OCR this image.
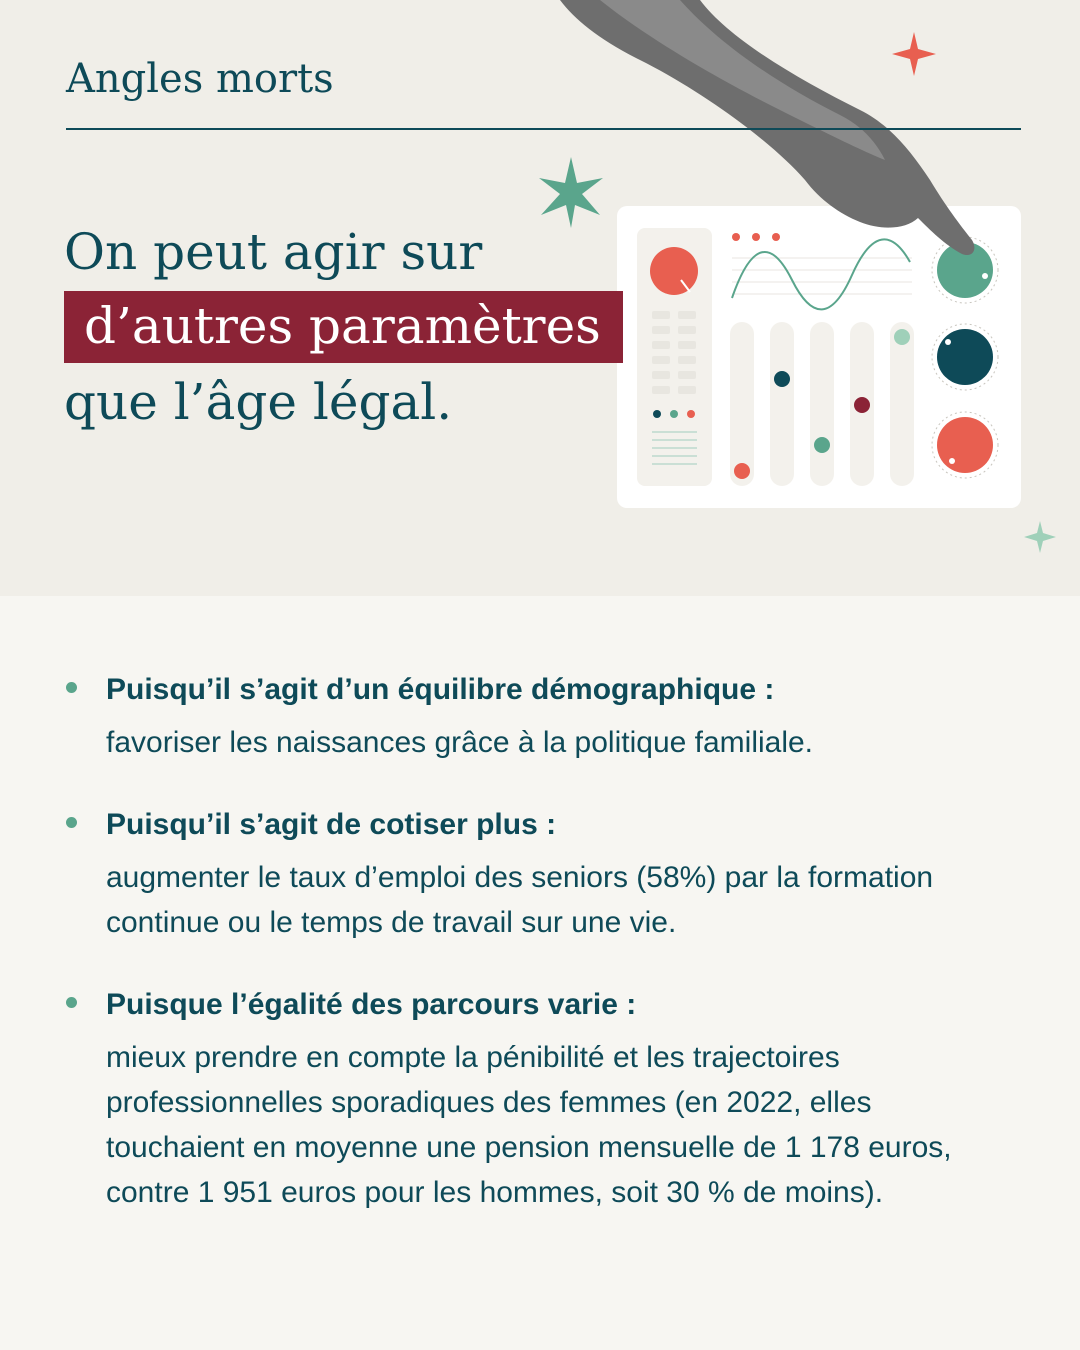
Angles morts
On peut agir sur
d’autres paramètres
que l’âge légal.

Puisqu’il s’agit d’un équilibre démographique :

favoriser les naissances grâce à la politique familiale.

Puisqu’il s’agit de cotiser plus :

augmenter le taux d’emploi des seniors (58%) par la formation continue ou le temps de travail sur une vie.

Puisque l’égalité des parcours varie :

mieux prendre en compte la pénibilité et les trajectoires professionnelles sporadiques des femmes (en 2022, elles touchaient en moyenne une pension mensuelle de 1 178 euros, contre 1 951 euros pour les hommes, soit 30 % de moins).
